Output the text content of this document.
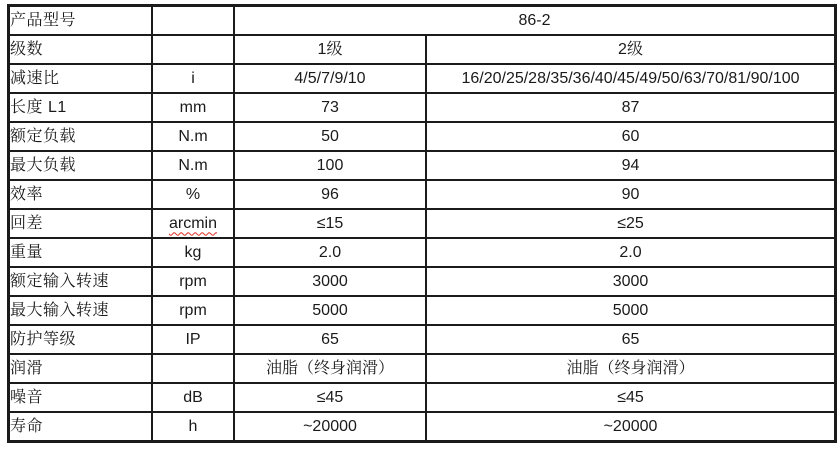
产品型号		86-2	
级数		1级	2级
减速比	i	4/5/7/9/10	16/20/25/28/35/36/40/45/49/50/63/70/81/90/100
长度 L1	mm	73	87
额定负载	N.m	50	60
最大负载	N.m	100	94
效率	%	96	90
回差	arcmin	≤15	≤25
重量	kg	2.0	2.0
额定输入转速	rpm	3000	3000
最大输入转速	rpm	5000	5000
防护等级	IP	65	65
润滑		油脂（终身润滑）	油脂（终身润滑）
噪音	dB	≤45	≤45
寿命	h	~20000	~20000
